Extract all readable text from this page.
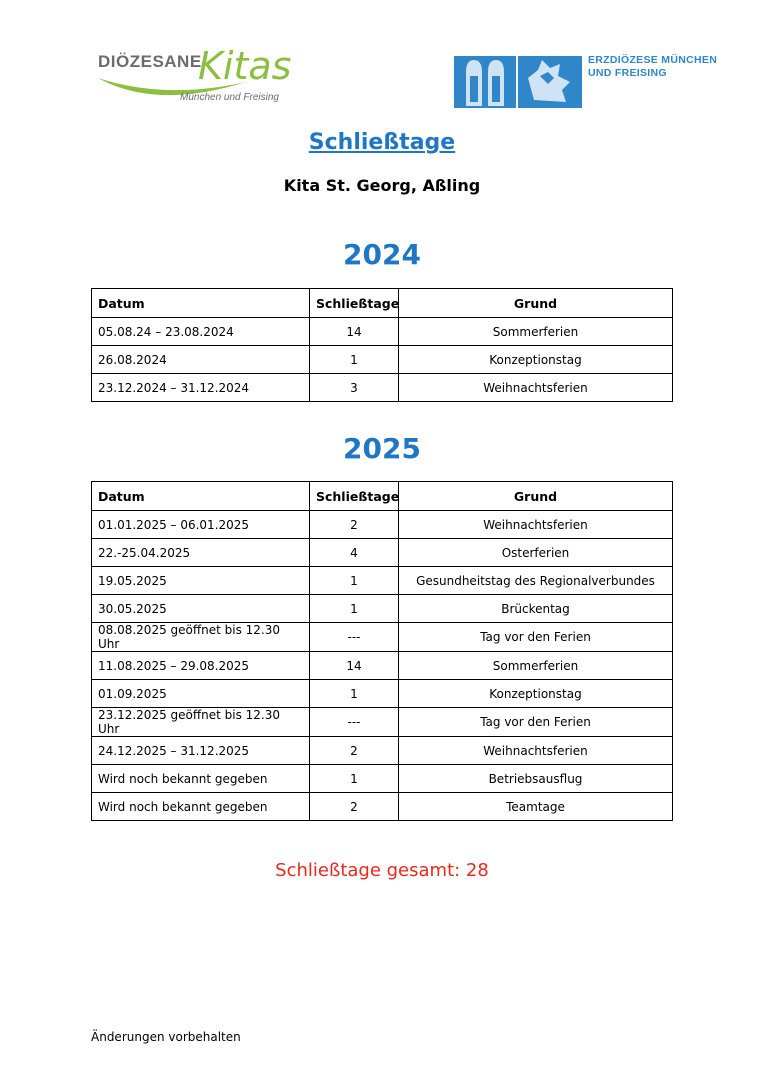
DIÖZESANE
Kitas
München und Freising
ERZDIÖZESE MÜNCHEN
UND FREISING
Schließtage
Kita St. Georg, Aßling
2024
Datum	Schließtage	Grund
05.08.24 – 23.08.2024	14	Sommerferien
26.08.2024	1	Konzeptionstag
23.12.2024 – 31.12.2024	3	Weihnachtsferien
2025
Datum	Schließtage	Grund
01.01.2025 – 06.01.2025	2	Weihnachtsferien
22.-25.04.2025	4	Osterferien
19.05.2025	1	Gesundheitstag des Regionalverbundes
30.05.2025	1	Brückentag
08.08.2025 geöffnet bis 12.30 Uhr	---	Tag vor den Ferien
11.08.2025 – 29.08.2025	14	Sommerferien
01.09.2025	1	Konzeptionstag
23.12.2025 geöffnet bis 12.30 Uhr	---	Tag vor den Ferien
24.12.2025 – 31.12.2025	2	Weihnachtsferien
Wird noch bekannt gegeben	1	Betriebsausflug
Wird noch bekannt gegeben	2	Teamtage
Schließtage gesamt: 28
Änderungen vorbehalten
